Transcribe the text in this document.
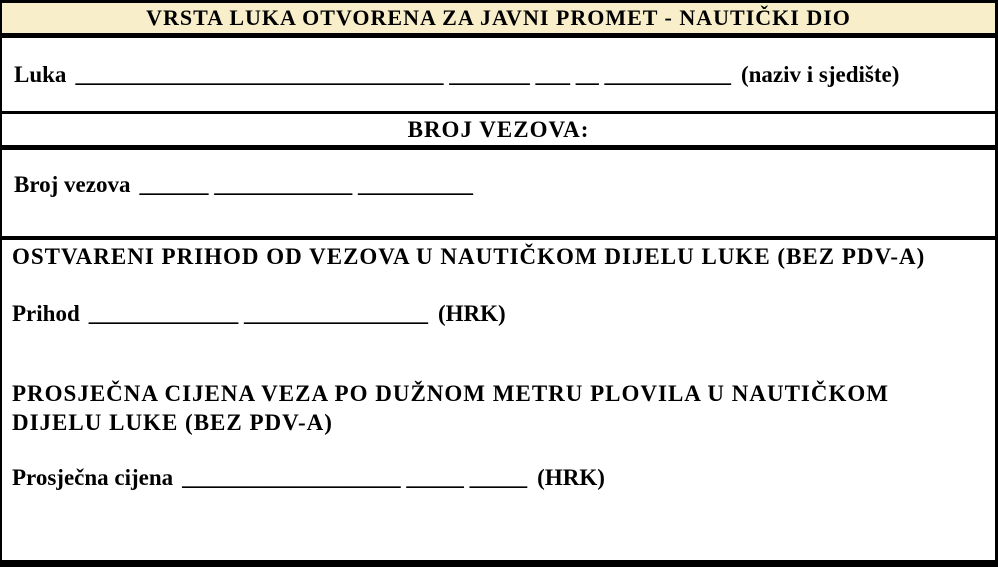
VRSTA LUKA OTVORENA ZA JAVNI PROMET - NAUTIČKI DIO
Luka ________________________________ _______ ___ __ ___________ (naziv i sjedište)
BROJ VEZOVA:
Broj vezova ______ ____________ __________
OSTVARENI PRIHOD OD VEZOVA U NAUTIČKOM DIJELU LUKE (BEZ PDV-A)
Prihod _____________ ________________ (HRK)
PROSJEČNA CIJENA VEZA PO DUŽNOM METRU PLOVILA U NAUTIČKOM
DIJELU LUKE (BEZ PDV-A)
Prosječna cijena ___________________ _____ _____ (HRK)
